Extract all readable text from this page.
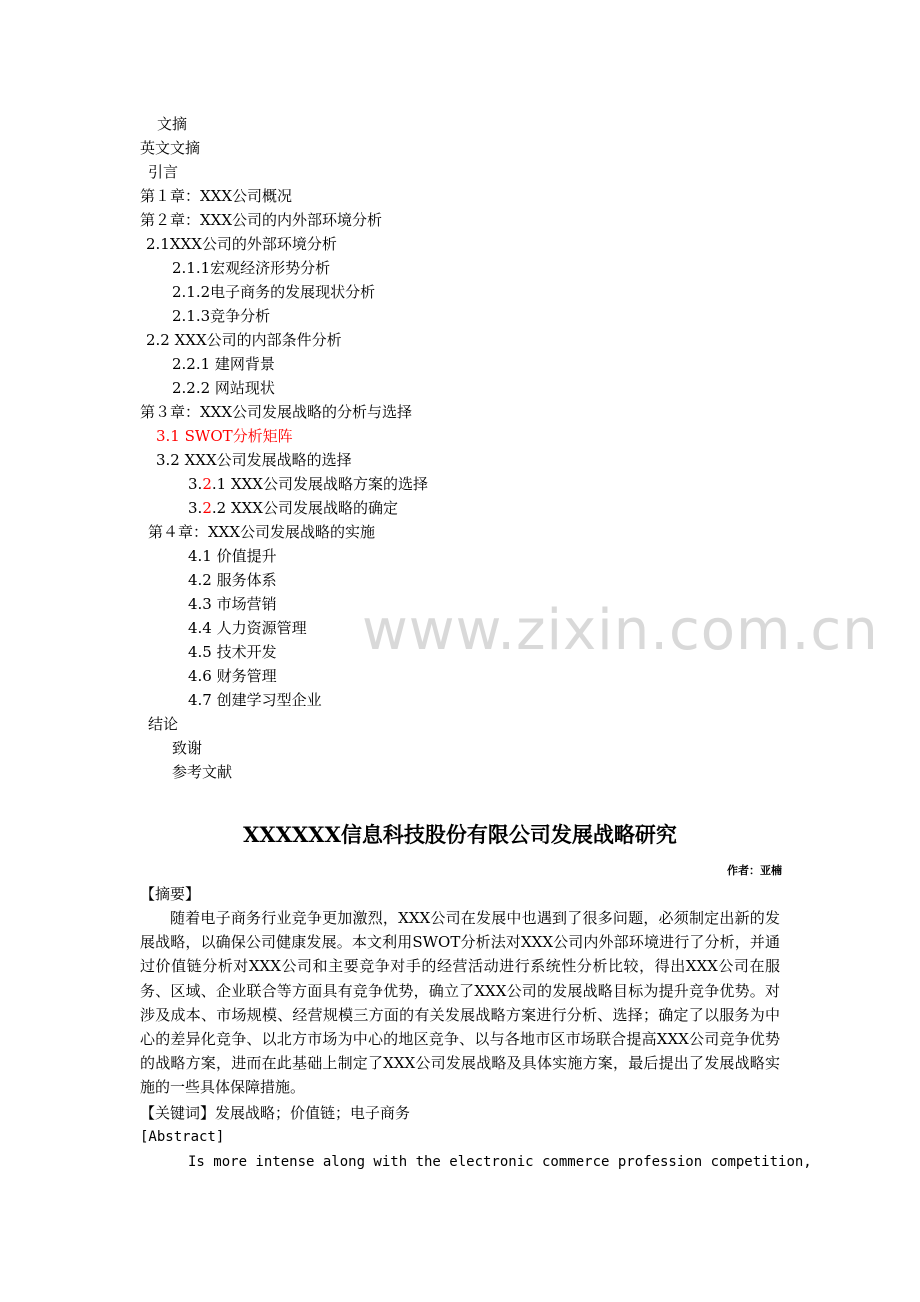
文摘
英文文摘
引言
第１章：XXX公司概况
第２章：XXX公司的内外部环境分析
2.1XXX公司的外部环境分析
2.1.1宏观经济形势分析
2.1.2电子商务的发展现状分析
2.1.3竞争分析
2.2 XXX公司的内部条件分析
2.2.1 建网背景
2.2.2 网站现状
第３章：XXX公司发展战略的分析与选择
3.1 SWOT分析矩阵
3.2 XXX公司发展战略的选择
3.2.1 XXX公司发展战略方案的选择
3.2.2 XXX公司发展战略的确定
第４章：XXX公司发展战略的实施
4.1 价值提升
4.2 服务体系
4.3 市场营销
4.4 人力资源管理
4.5 技术开发
4.6 财务管理
4.7 创建学习型企业
结论
致谢
参考文献
www.zixin.com.cn
XXXXXX信息科技股份有限公司发展战略研究
作者：亚楠
【摘要】
随着电子商务行业竞争更加激烈，XXX公司在发展中也遇到了很多问题，必须制定出新的发展战略，以确保公司健康发展。本文利用SWOT分析法对XXX公司内外部环境进行了分析，并通过价值链分析对XXX公司和主要竞争对手的经营活动进行系统性分析比较，得出XXX公司在服务、区域、企业联合等方面具有竞争优势，确立了XXX公司的发展战略目标为提升竞争优势。对涉及成本、市场规模、经营规模三方面的有关发展战略方案进行分析、选择；确定了以服务为中心的差异化竞争、以北方市场为中心的地区竞争、以与各地市区市场联合提高XXX公司竞争优势的战略方案，进而在此基础上制定了XXX公司发展战略及具体实施方案，最后提出了发展战略实施的一些具体保障措施。
【关键词】发展战略；价值链；电子商务
[Abstract]
Is more intense along with the electronic commerce profession competition,
